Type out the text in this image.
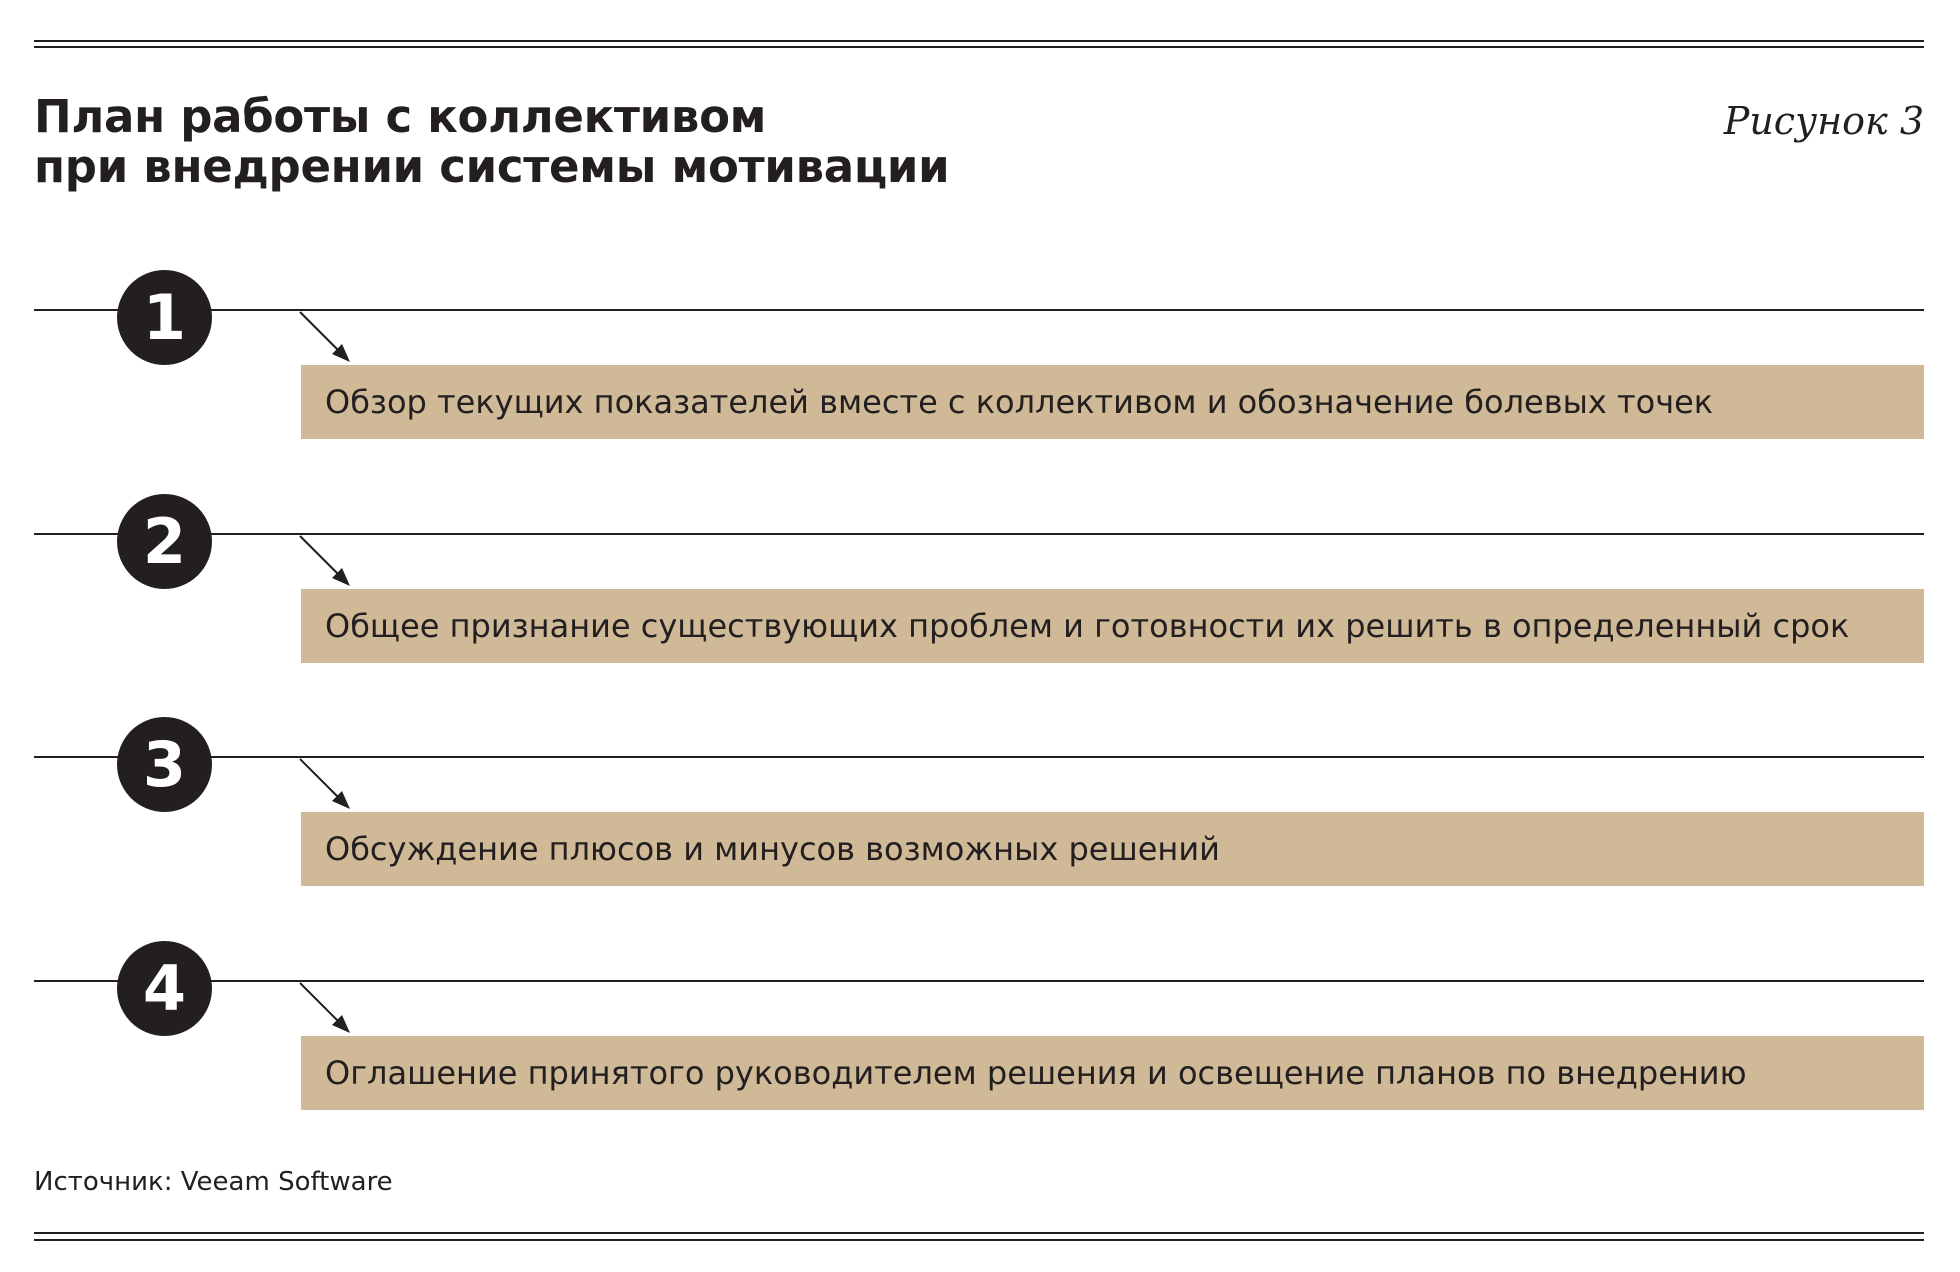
План работы с коллективом
при внедрении системы мотивации
Рисунок 3
1
Обзор текущих показателей вместе с коллективом и обозначение болевых точек
2
Общее признание существующих проблем и готовности их решить в определенный срок
3
Обсуждение плюсов и минусов возможных решений
4
Оглашение принятого руководителем решения и освещение планов по внедрению
Источник: Veeam Software
